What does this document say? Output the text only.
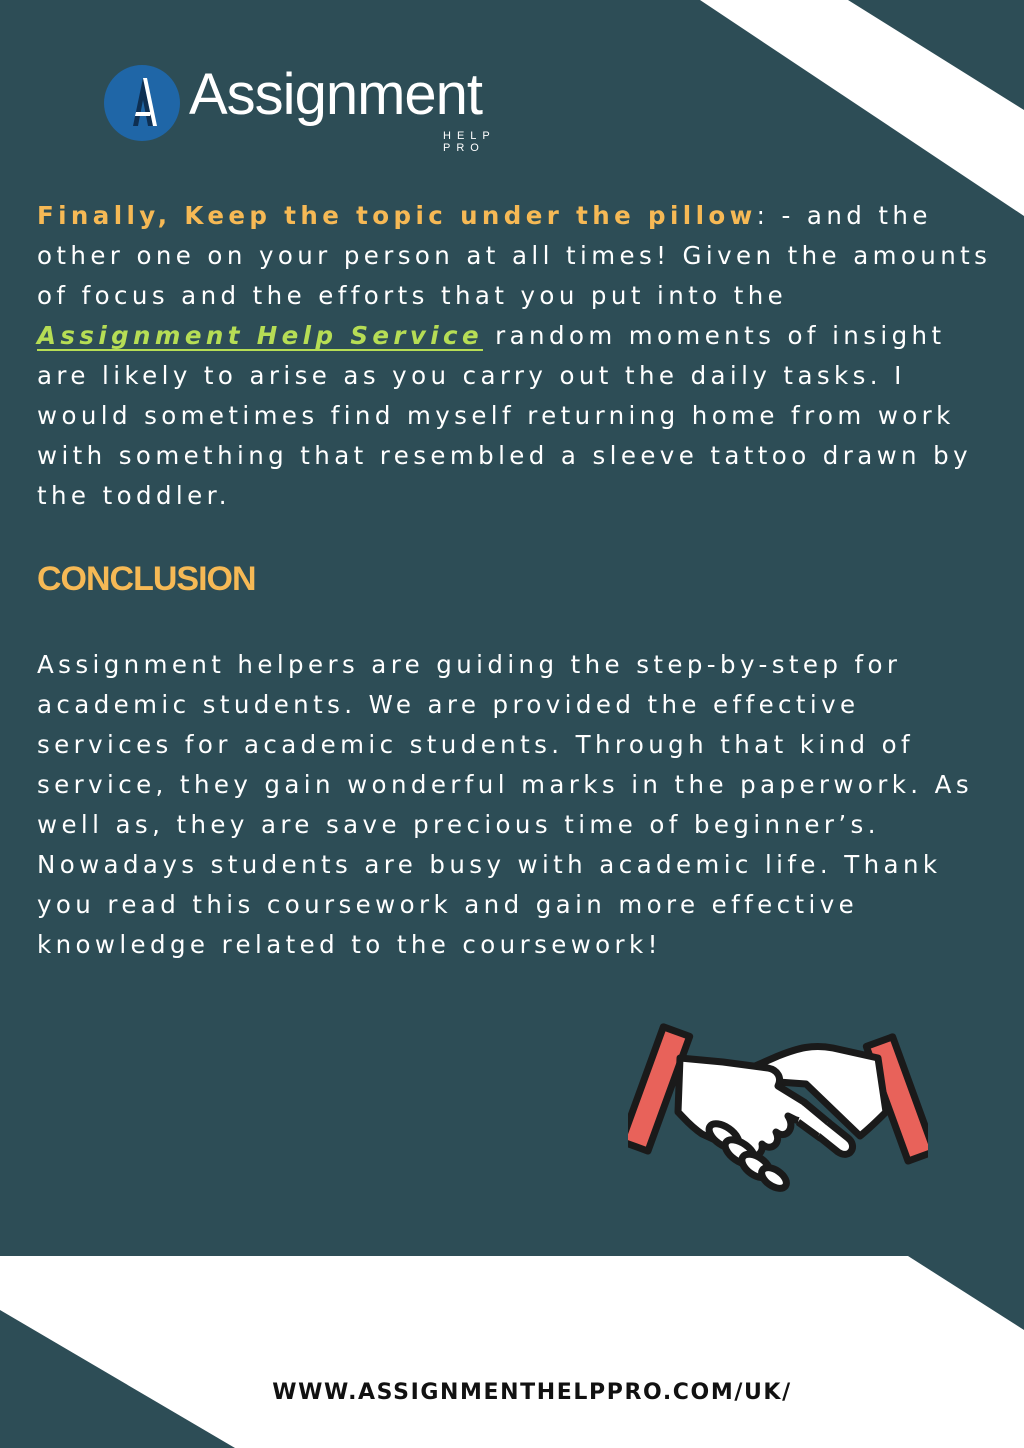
Assignment
HELP PRO

Finally, Keep the topic under the pillow: - and the other one on your person at all times! Given the amounts of focus and the efforts that you put into the Assignment Help Service random moments of insight are likely to arise as you carry out the daily tasks. I would sometimes find myself returning home from work with something that resembled a sleeve tattoo drawn by the toddler.

CONCLUSION

Assignment helpers are guiding the step-by-step for academic students. We are provided the effective services for academic students. Through that kind of service, they gain wonderful marks in the paperwork. As well as, they are save precious time of beginner’s. Nowadays students are busy with academic life. Thank you read this coursework and gain more effective knowledge related to the coursework!

WWW.ASSIGNMENTHELPPRO.COM/UK/
